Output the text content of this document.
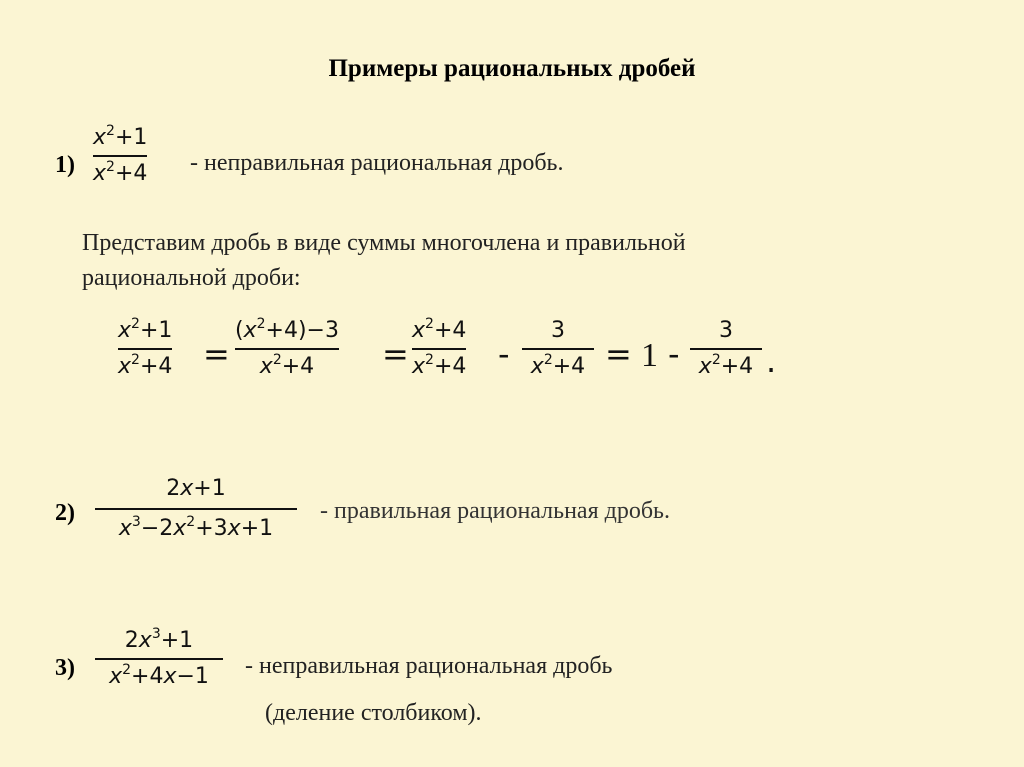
Примеры рациональных дробей
1)
$x^2+1$
$x^2+4$ - неправильная рациональная дробь.
Представим дробь в виде суммы многочлена и правильной
рациональной дроби:
$x^2+1$
$x^2+4$ =
$(x^2+4)-3$
$x^2+4$ =
$x^2+4$
$x^2+4$ -
3
$x^2+4 = 1$ -
3
$x^2+4$ .
2)
2x+1
$x^3-2x^2+3x+1$
- правильная рациональная дробь.
3)
$2x^3+1$
$x^2+4x-1$ - неправильная рациональная дробь
(деление столбиком).
